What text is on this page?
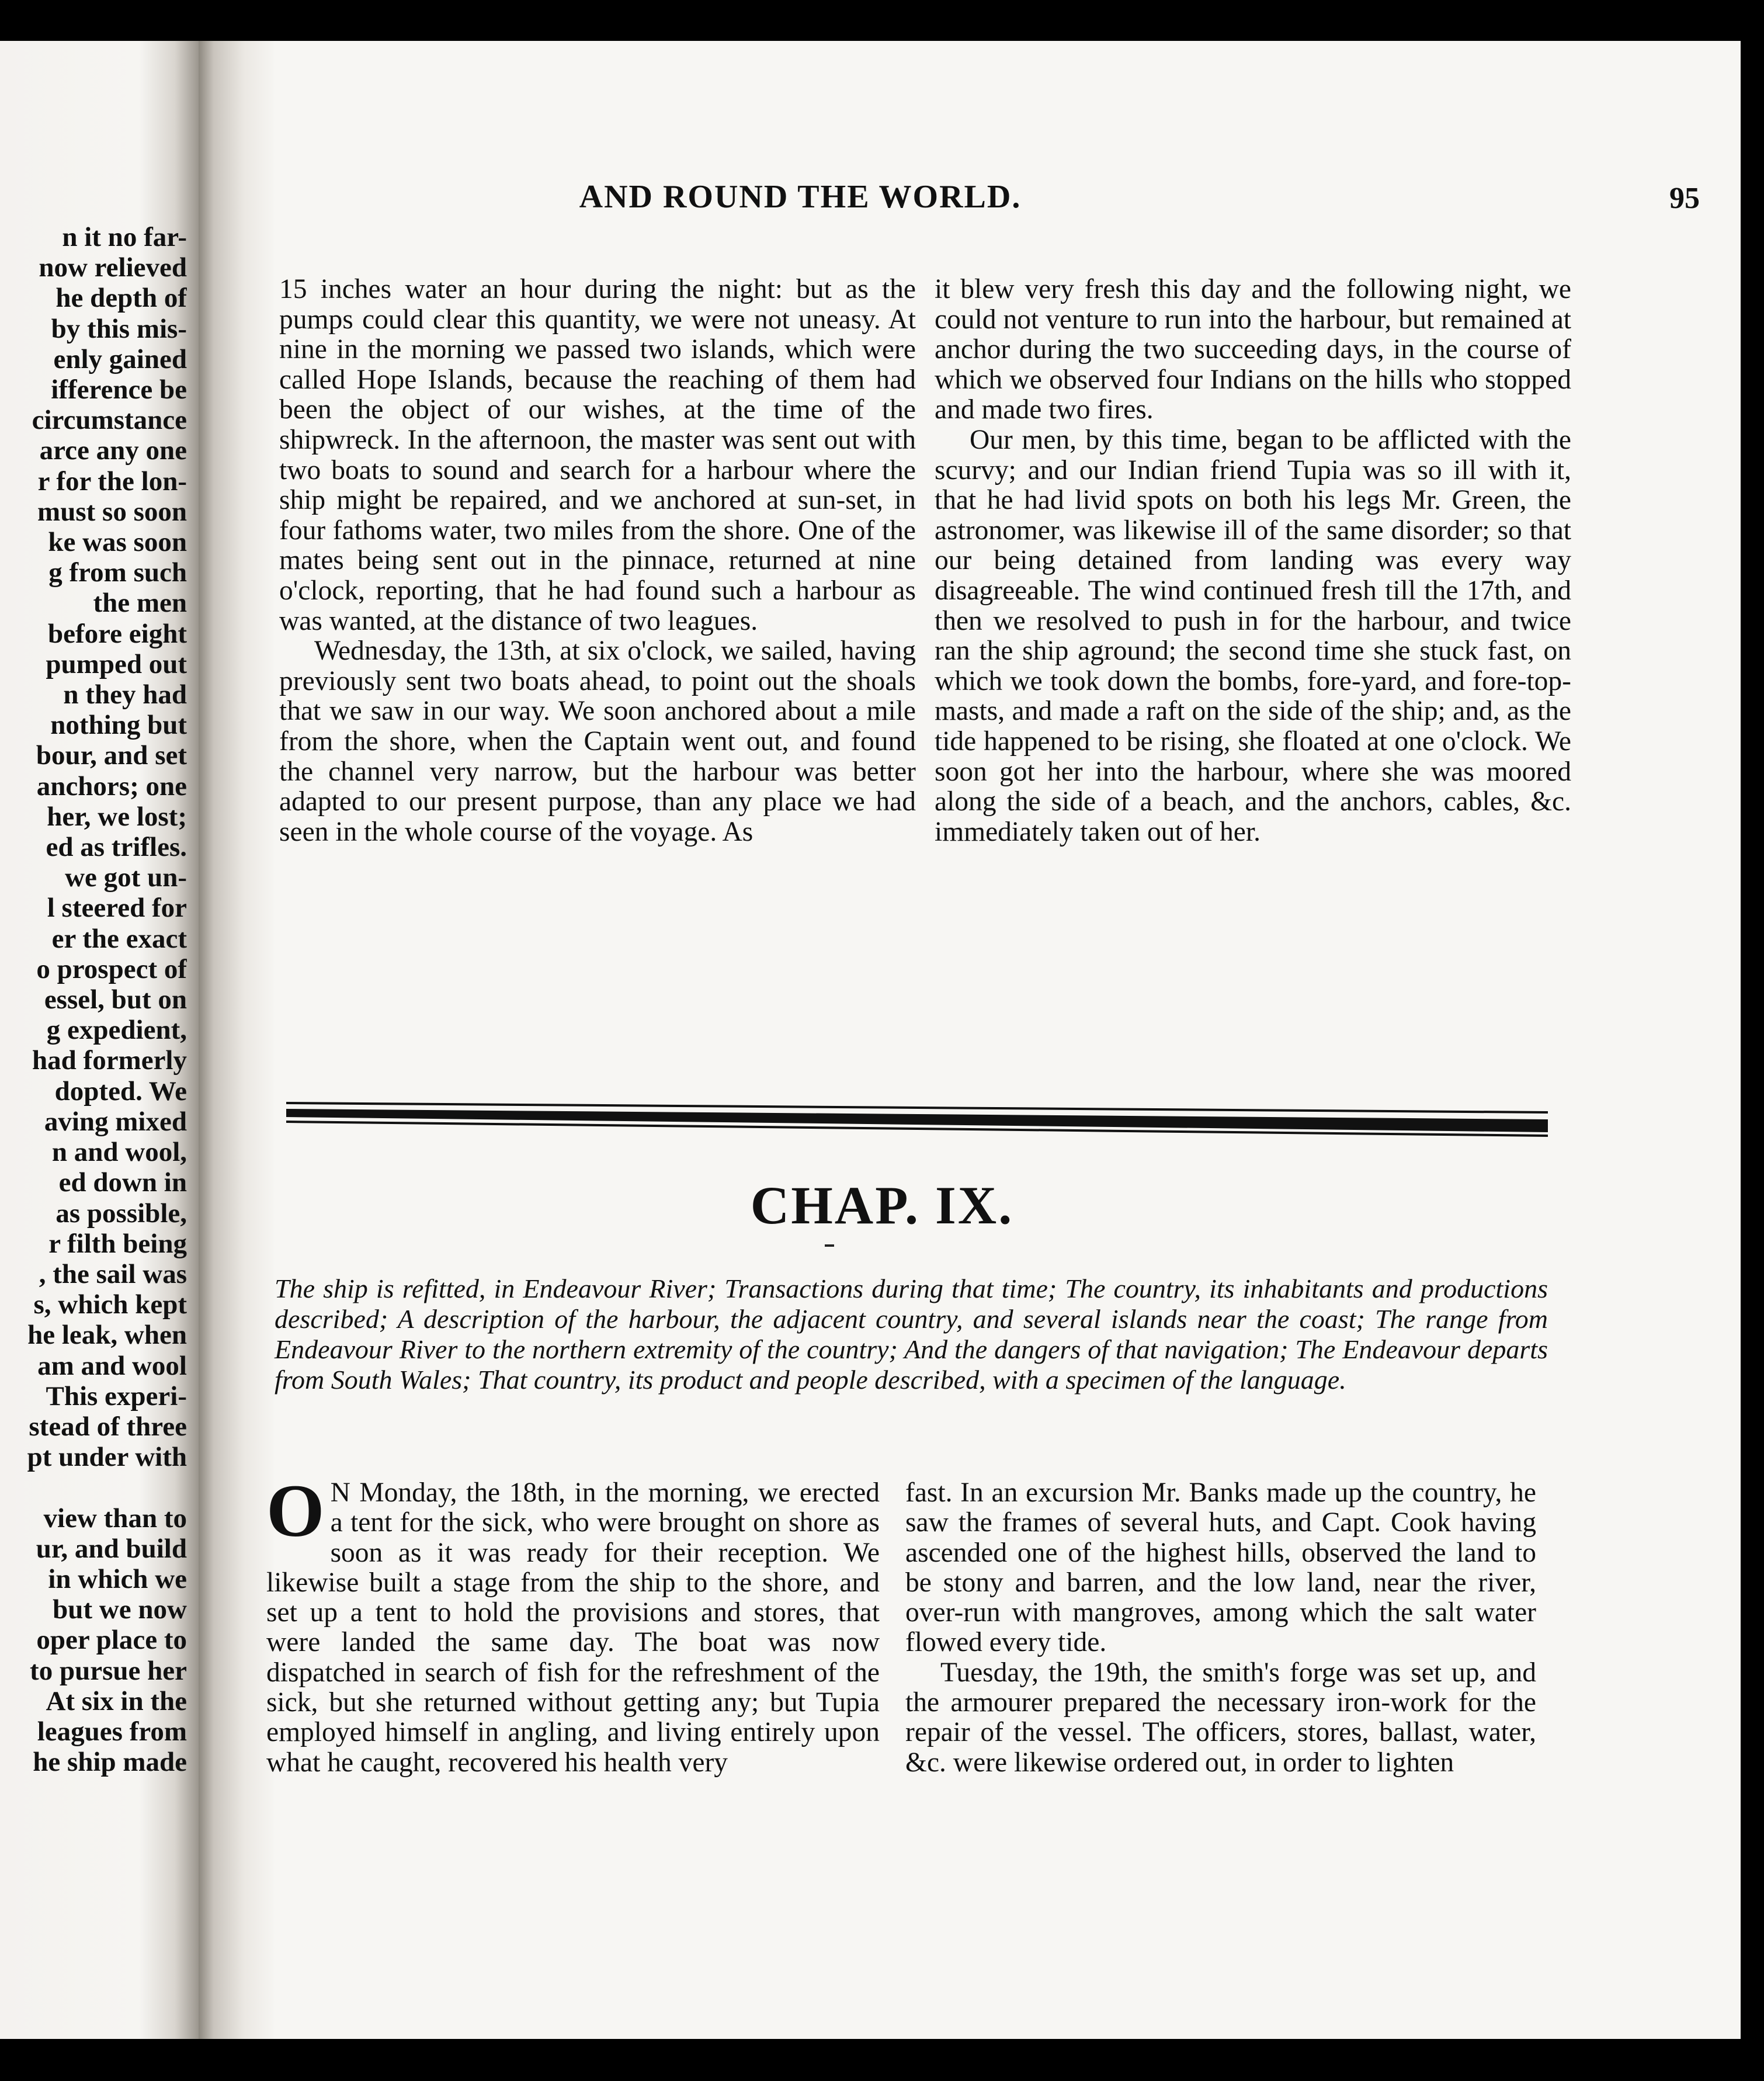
n it no far-
now relieved
he depth of
by this mis-
enly gained
ifference be
circumstance
arce any one
r for the lon-
must so soon
ke was soon
g from such
the men
before eight
pumped out
n they had
nothing but
bour, and set
anchors; one
her, we lost;
ed as trifles.
we got un-
l steered for
er the exact
o prospect of
essel, but on
g expedient,
had formerly
dopted. We
aving mixed
n and wool,
ed down in
as possible,
r filth being
, the sail was
s, which kept
he leak, when
am and wool
This experi-
stead of three
pt under with

view than to
ur, and build
in which we
but we now
oper place to
to pursue her
At six in the
leagues from
he ship made
AND ROUND THE WORLD.	95

15 inches water an hour during the night: but as the pumps could clear this quantity, we were not uneasy. At nine in the morning we passed two islands, which were called Hope Islands, because the reaching of them had been the object of our wishes, at the time of the shipwreck. In the afternoon, the master was sent out with two boats to sound and search for a harbour where the ship might be repaired, and we anchored at sun-set, in four fathoms water, two miles from the shore. One of the mates being sent out in the pinnace, returned at nine o'clock, reporting, that he had found such a harbour as was wanted, at the distance of two leagues.

Wednesday, the 13th, at six o'clock, we sailed, having previously sent two boats ahead, to point out the shoals that we saw in our way. We soon anchored about a mile from the shore, when the Captain went out, and found the channel very narrow, but the harbour was better adapted to our present purpose, than any place we had seen in the whole course of the voyage. As

it blew very fresh this day and the following night, we could not venture to run into the harbour, but remained at anchor during the two succeeding days, in the course of which we observed four Indians on the hills who stopped and made two fires.

Our men, by this time, began to be afflicted with the scurvy; and our Indian friend Tupia was so ill with it, that he had livid spots on both his legs Mr. Green, the astronomer, was likewise ill of the same disorder; so that our being detained from landing was every way disagreeable. The wind continued fresh till the 17th, and then we resolved to push in for the harbour, and twice ran the ship aground; the second time she stuck fast, on which we took down the bombs, fore-yard, and fore-top-masts, and made a raft on the side of the ship; and, as the tide happened to be rising, she floated at one o'clock. We soon got her into the harbour, where she was moored along the side of a beach, and the anchors, cables, &c. immediately taken out of her.

CHAP. IX.
The ship is refitted, in Endeavour River; Transactions during that time; The country, its inhabitants and productions described; A description of the harbour, the adjacent country, and several islands near the coast; The range from Endeavour River to the northern extremity of the country; And the dangers of that navigation; The Endeavour departs from South Wales; That country, its product and people described, with a specimen of the language.

O N Monday, the 18th, in the morning, we erected a tent for the sick, who were brought on shore as soon as it was ready for their reception. We likewise built a stage from the ship to the shore, and set up a tent to hold the provisions and stores, that were landed the same day. The boat was now dispatched in search of fish for the refreshment of the sick, but she returned without getting any; but Tupia employed himself in angling, and living entirely upon what he caught, recovered his health very

fast. In an excursion Mr. Banks made up the country, he saw the frames of several huts, and Capt. Cook having ascended one of the highest hills, observed the land to be stony and barren, and the low land, near the river, over-run with mangroves, among which the salt water flowed every tide.

Tuesday, the 19th, the smith's forge was set up, and the armourer prepared the necessary iron-work for the repair of the vessel. The officers, stores, ballast, water, &c. were likewise ordered out, in order to lighten
